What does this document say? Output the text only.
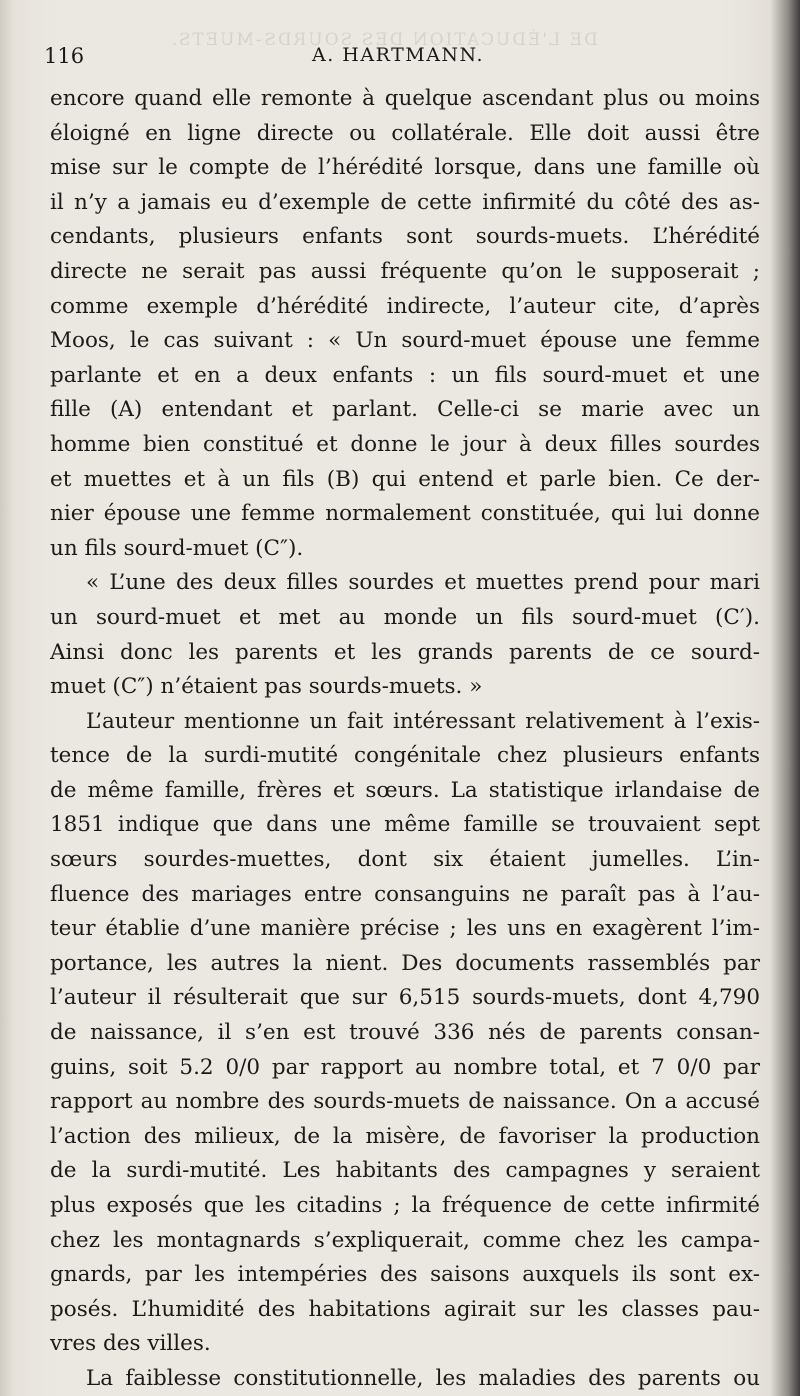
DE L'ÉDUCATION DES SOURDS-MUETS.
116	A. HARTMANN.
encore quand elle remonte à quelque ascendant plus ou moins
éloigné en ligne directe ou collatérale. Elle doit aussi être
mise sur le compte de l’hérédité lorsque, dans une famille où
il n’y a jamais eu d’exemple de cette infirmité du côté des as-
cendants, plusieurs enfants sont sourds-muets. L’hérédité
directe ne serait pas aussi fréquente qu’on le supposerait ;
comme exemple d’hérédité indirecte, l’auteur cite, d’après
Moos, le cas suivant : « Un sourd-muet épouse une femme
parlante et en a deux enfants : un fils sourd-muet et une
fille (A) entendant et parlant. Celle-ci se marie avec un
homme bien constitué et donne le jour à deux filles sourdes
et muettes et à un fils (B) qui entend et parle bien. Ce der-
nier épouse une femme normalement constituée, qui lui donne
un fils sourd-muet (C″).
« L’une des deux filles sourdes et muettes prend pour mari
un sourd-muet et met au monde un fils sourd-muet (C′).
Ainsi donc les parents et les grands parents de ce sourd-
muet (C″) n’étaient pas sourds-muets. »
L’auteur mentionne un fait intéressant relativement à l’exis-
tence de la surdi-mutité congénitale chez plusieurs enfants
de même famille, frères et sœurs. La statistique irlandaise de
1851 indique que dans une même famille se trouvaient sept
sœurs sourdes-muettes, dont six étaient jumelles. L’in-
fluence des mariages entre consanguins ne paraît pas à l’au-
teur établie d’une manière précise ; les uns en exagèrent l’im-
portance, les autres la nient. Des documents rassemblés par
l’auteur il résulterait que sur 6,515 sourds-muets, dont 4,790
de naissance, il s’en est trouvé 336 nés de parents consan-
guins, soit 5.2 0/0 par rapport au nombre total, et 7 0/0 par
rapport au nombre des sourds-muets de naissance. On a accusé
l’action des milieux, de la misère, de favoriser la production
de la surdi-mutité. Les habitants des campagnes y seraient
plus exposés que les citadins ; la fréquence de cette infirmité
chez les montagnards s’expliquerait, comme chez les campa-
gnards, par les intempéries des saisons auxquels ils sont ex-
posés. L’humidité des habitations agirait sur les classes pau-
vres des villes.
La faiblesse constitutionnelle, les maladies des parents ou
